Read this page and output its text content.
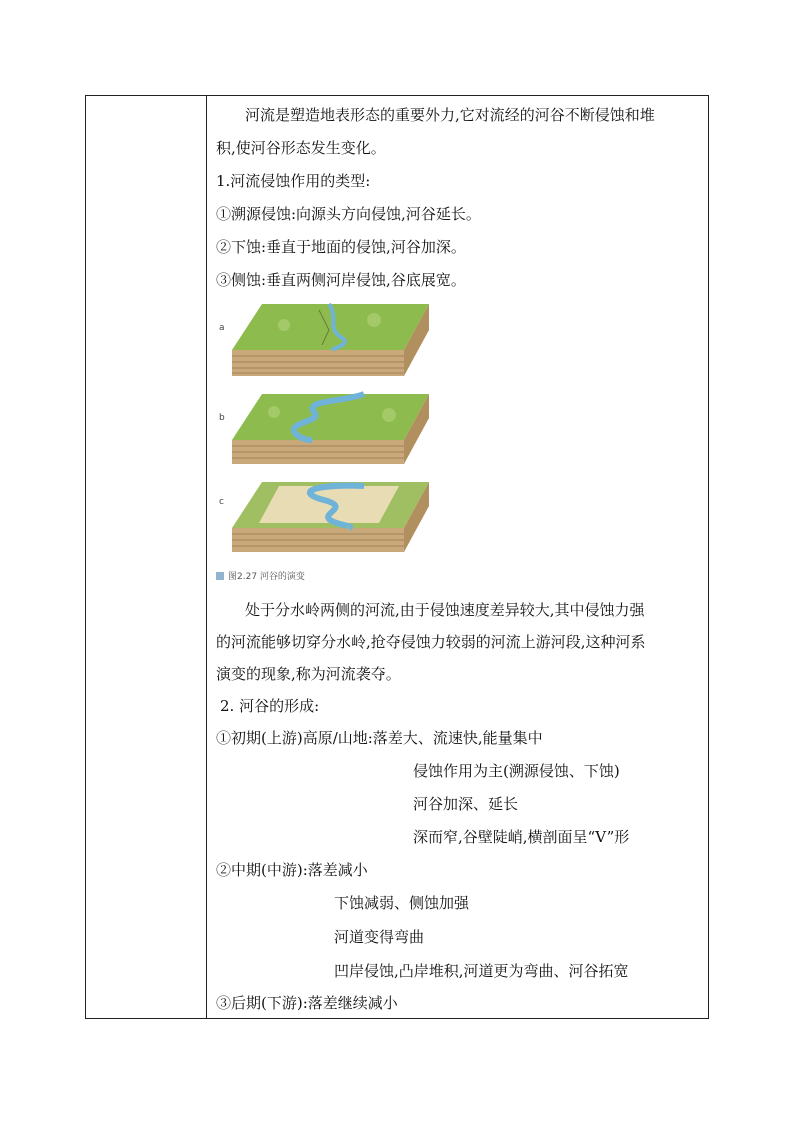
河流是塑造地表形态的重要外力,它对流经的河谷不断侵蚀和堆
积,使河谷形态发生变化。
1.河流侵蚀作用的类型:
①溯源侵蚀:向源头方向侵蚀,河谷延长。
②下蚀:垂直于地面的侵蚀,河谷加深。
③侧蚀:垂直两侧河岸侵蚀,谷底展宽。
a
b
c
图2.27 河谷的演变
处于分水岭两侧的河流,由于侵蚀速度差异较大,其中侵蚀力强
的河流能够切穿分水岭,抢夺侵蚀力较弱的河流上游河段,这种河系
演变的现象,称为河流袭夺。
2. 河谷的形成:
①初期(上游)高原/山地:落差大、流速快,能量集中
侵蚀作用为主(溯源侵蚀、下蚀)
河谷加深、延长
深而窄,谷壁陡峭,横剖面呈“V”形
②中期(中游):落差减小
下蚀减弱、侧蚀加强
河道变得弯曲
凹岸侵蚀,凸岸堆积,河道更为弯曲、河谷拓宽
③后期(下游):落差继续减小
